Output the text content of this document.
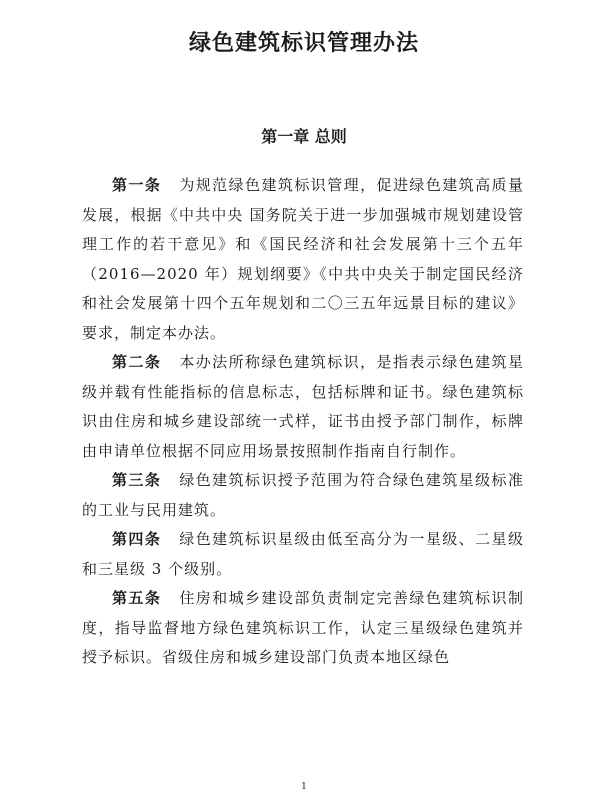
绿色建筑标识管理办法
第一章 总则

第一条 为规范绿色建筑标识管理，促进绿色建筑高质量发展，根据《中共中央 国务院关于进一步加强城市规划建设管理工作的若干意见》和《国民经济和社会发展第十三个五年（2016—2020 年）规划纲要》《中共中央关于制定国民经济和社会发展第十四个五年规划和二〇三五年远景目标的建议》要求，制定本办法。

第二条 本办法所称绿色建筑标识，是指表示绿色建筑星级并载有性能指标的信息标志，包括标牌和证书。绿色建筑标识由住房和城乡建设部统一式样，证书由授予部门制作，标牌由申请单位根据不同应用场景按照制作指南自行制作。

第三条 绿色建筑标识授予范围为符合绿色建筑星级标准的工业与民用建筑。

第四条 绿色建筑标识星级由低至高分为一星级、二星级和三星级 3 个级别。

第五条 住房和城乡建设部负责制定完善绿色建筑标识制度，指导监督地方绿色建筑标识工作，认定三星级绿色建筑并授予标识。省级住房和城乡建设部门负责本地区绿色

1
